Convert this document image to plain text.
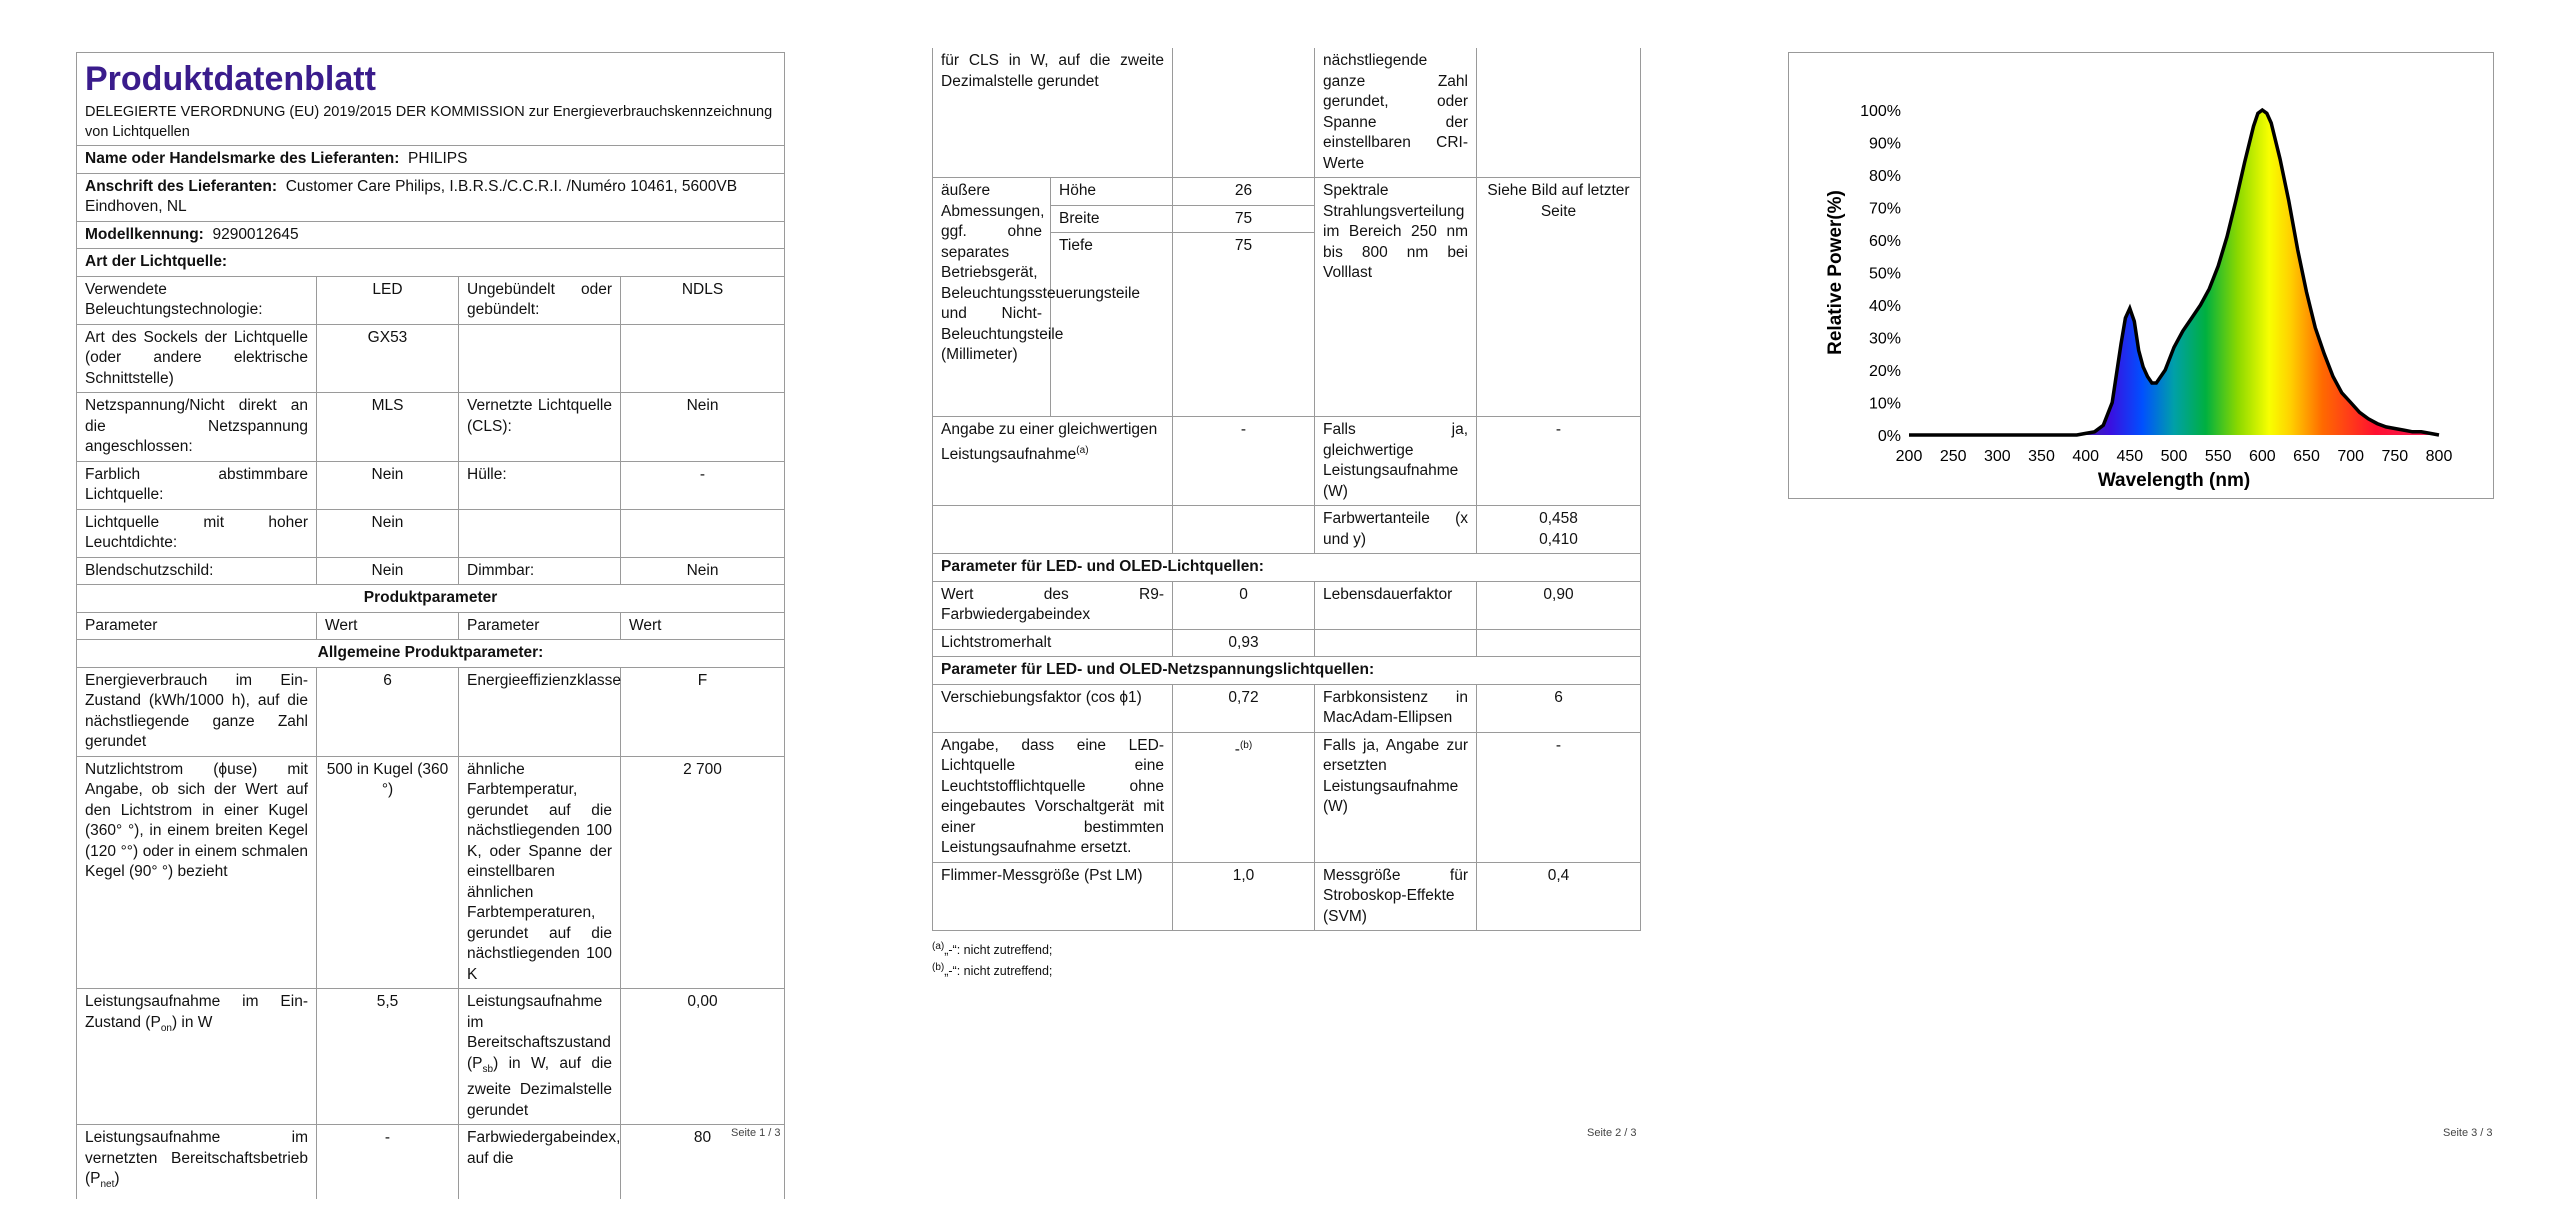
Produktdatenblatt
DELEGIERTE VERORDNUNG (EU) 2019/2015 DER KOMMISSION zur Energieverbrauchskennzeichnung von Lichtquellen			

Name oder Handelsmarke des Lieferanten: PHILIPS			
Anschrift des Lieferanten: Customer Care Philips, I.B.R.S./C.C.R.I. /Numéro 10461, 5600VB Eindhoven, NL			
Modellkennung: 9290012645			
Art der Lichtquelle:			
Verwendete Beleuchtungstechnologie:	LED	Ungebündelt oder gebündelt:	NDLS
Art des Sockels der Lichtquelle (oder andere elektrische Schnittstelle)	GX53		
Netzspannung/Nicht direkt an die Netzspannung angeschlossen:	MLS	Vernetzte Lichtquelle (CLS):	Nein
Farblich abstimmbare Lichtquelle:	Nein	Hülle:	-
Lichtquelle mit hoher Leuchtdichte:	Nein		
Blendschutzschild:	Nein	Dimmbar:	Nein
Produktparameter			
Parameter	Wert	Parameter	Wert
Allgemeine Produktparameter:			
Energieverbrauch im Ein-Zustand (kWh/1000 h), auf die nächstliegende ganze Zahl gerundet	6	Energieeffizienzklasse	F
Nutzlichtstrom (ϕuse) mit Angabe, ob sich der Wert auf den Lichtstrom in einer Kugel (360° °), in einem breiten Kegel (120 °°) oder in einem schmalen Kegel (90° °) bezieht	500 in Kugel (360 °)	ähnliche Farbtemperatur, gerundet auf die nächstliegenden 100 K, oder Spanne der einstellbaren ähnlichen Farbtemperaturen, gerundet auf die nächstliegenden 100 K	2 700
Leistungsaufnahme im Ein-Zustand $(P_{on})$ in W	5,5	Leistungsaufnahme im Bereitschaftszustand $(P_{sb})$ in W, auf die zweite Dezimalstelle gerundet	0,00
Leistungsaufnahme im vernetzten Bereitschaftsbetrieb $(P_{net})$	-	Farbwiedergabeindex, auf die	80 Seite 1 / 3
für CLS in W, auf die zweite Dezimalstelle gerundet			nächstliegende ganze Zahl gerundet, oder Spanne der einstellbaren CRI-Werte	
äußere Abmessungen, ggf. ohne separates Betriebsgerät, Beleuchtungssteuerungsteile und Nicht-Beleuchtungsteile (Millimeter)	Höhe	26	Spektrale Strahlungsverteilung im Bereich 250 nm bis 800 nm bei Volllast	Siehe Bild auf letzter Seite
	Breite	75		
	Tiefe	75		
Angabe zu einer gleichwertigen Leistungsaufnahme$^{(a)}$		-	Falls ja, gleichwertige Leistungsaufnahme (W)	-
			Farbwertanteile (x und y)	0,458
0,410

Parameter für LED- und OLED-Lichtquellen:				
Wert des R9-Farbwiedergabeindex		0	Lebensdauerfaktor	0,90
Lichtstromerhalt		0,93		
Parameter für LED- und OLED-Netzspannungslichtquellen:				
Verschiebungsfaktor (cos ϕ1)		0,72	Farbkonsistenz in MacAdam-Ellipsen	6
Angabe, dass eine LED-Lichtquelle eine Leuchtstofflichtquelle ohne eingebautes Vorschaltgerät mit einer bestimmten Leistungsaufnahme ersetzt.		-$^{(b)}$	Falls ja, Angabe zur ersetzten Leistungsaufnahme (W)	-
Flimmer-Messgröße (Pst LM)		1,0	Messgröße für Stroboskop-Effekte (SVM)	0,4
$^{(a)}$„-“: nicht zutreffend;
$^{(b)}$„-“: nicht zutreffend;
Seite 2 / 3
0%
10%
20%
30%
40%
50%
60%
70%
80%
90%
100%
200 250 300 350 400 450 500 550 600 650 700 750 800
Relative Power(%)
Wavelength (nm)
Seite 3 / 3
